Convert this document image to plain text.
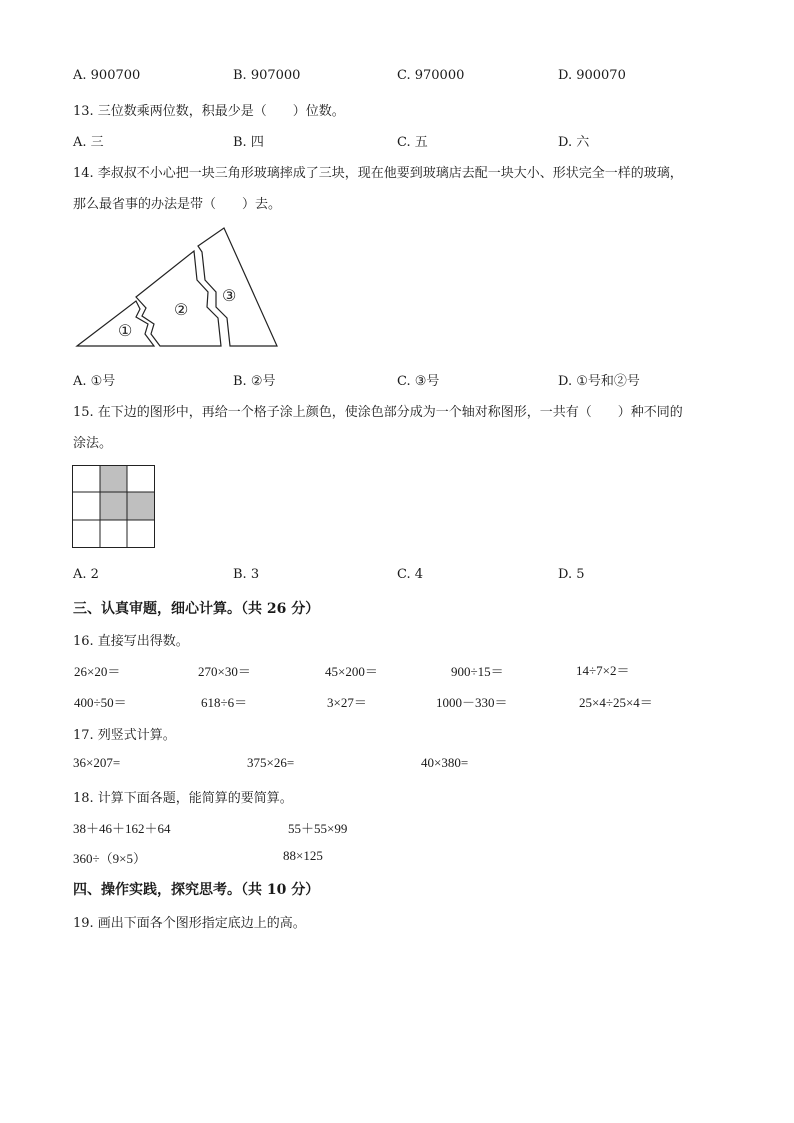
A. 900700	B. 907000	C. 970000	D. 900070
13. 三位数乘两位数，积最少是（　　）位数。
A. 三	B. 四	C. 五	D. 六
14. 李叔叔不小心把一块三角形玻璃摔成了三块，现在他要到玻璃店去配一块大小、形状完全一样的玻璃，
那么最省事的办法是带（　　）去。
①
②
③
A. ①号	B. ②号	C. ③号	D. ①号和②号
15. 在下边的图形中，再给一个格子涂上颜色，使涂色部分成为一个轴对称图形，一共有（　　）种不同的
涂法。
A. 2	B. 3	C. 4	D. 5
三、认真审题，细心计算。（共 26 分）
16. 直接写出得数。
26×20＝	270×30＝	45×200＝	900÷15＝	14÷7×2＝
400÷50＝	618÷6＝	3×27＝	1000－330＝	25×4÷25×4＝
17. 列竖式计算。
36×207=	375×26=	40×380=
18. 计算下面各题，能简算的要简算。
38＋46＋162＋64	55＋55×99
360÷（9×5）	88×125
四、操作实践，探究思考。（共 10 分）
19. 画出下面各个图形指定底边上的高。
